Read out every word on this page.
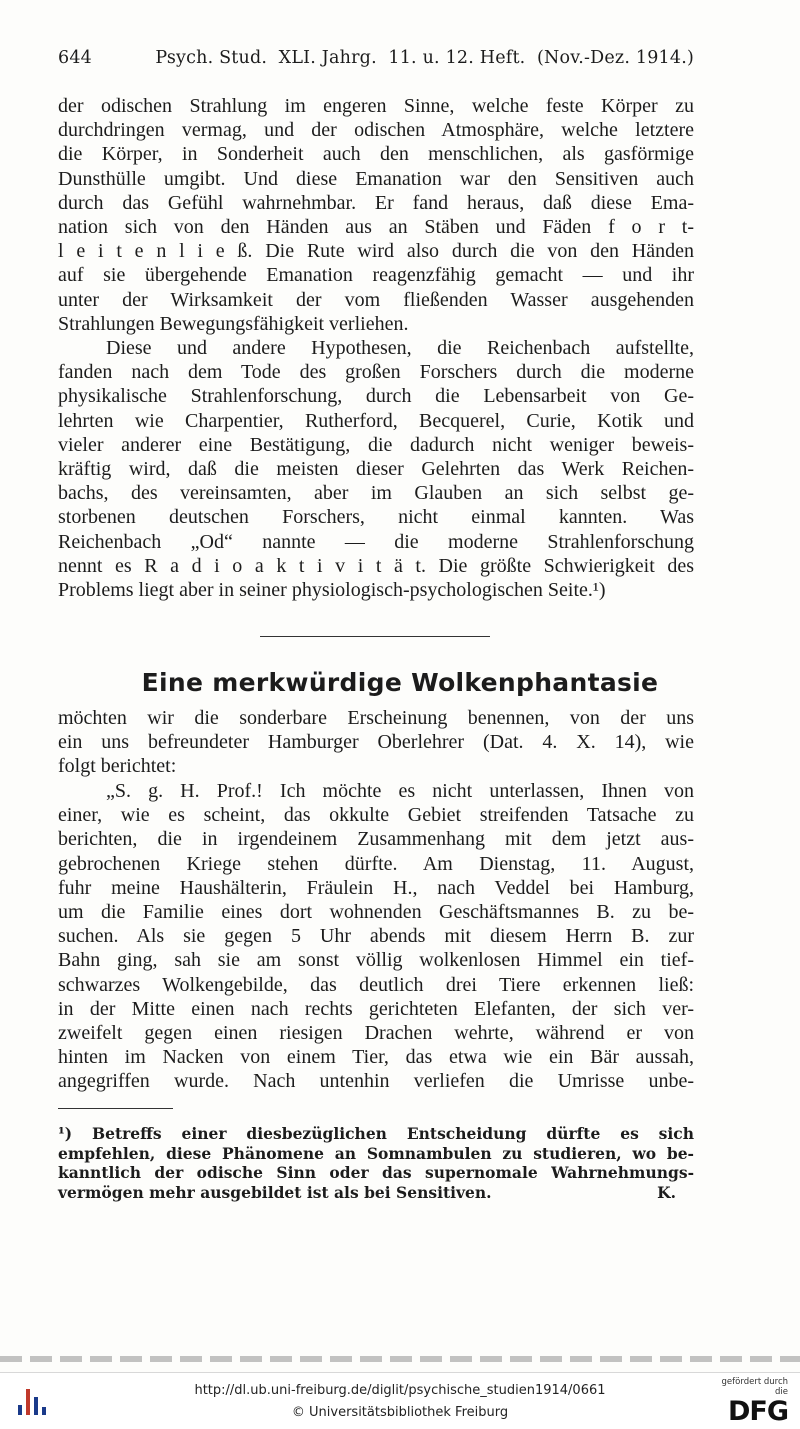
644	Psych. Stud.  XLI. Jahrg.  11. u. 12. Heft.  (Nov.-Dez. 1914.)
der odischen Strahlung im engeren Sinne, welche feste Körper zu
durchdringen vermag, und der odischen Atmosphäre, welche letztere
die Körper, in Sonderheit auch den menschlichen, als gasförmige
Dunsthülle umgibt. Und diese Emanation war den Sensitiven auch
durch das Gefühl wahrnehmbar. Er fand heraus, daß diese Ema-
nation sich von den Händen aus an Stäben und Fäden f o r t-
l e i t e n l i e ß. Die Rute wird also durch die von den Händen
auf sie übergehende Emanation reagenzfähig gemacht — und ihr
unter der Wirksamkeit der vom fließenden Wasser ausgehenden
Strahlungen Bewegungsfähigkeit verliehen.
Diese und andere Hypothesen, die Reichenbach aufstellte,
fanden nach dem Tode des großen Forschers durch die moderne
physikalische Strahlenforschung, durch die Lebensarbeit von Ge-
lehrten wie Charpentier, Rutherford, Becquerel, Curie, Kotik und
vieler anderer eine Bestätigung, die dadurch nicht weniger beweis-
kräftig wird, daß die meisten dieser Gelehrten das Werk Reichen-
bachs, des vereinsamten, aber im Glauben an sich selbst ge-
storbenen deutschen Forschers, nicht einmal kannten. Was
Reichenbach „Od“ nannte — die moderne Strahlenforschung
nennt es R a d i o a k t i v i t ä t. Die größte Schwierigkeit des
Problems liegt aber in seiner physiologisch-psychologischen Seite.¹)
Eine merkwürdige Wolkenphantasie
möchten wir die sonderbare Erscheinung benennen, von der uns
ein uns befreundeter Hamburger Oberlehrer (Dat. 4. X. 14), wie
folgt berichtet:
„S. g. H. Prof.! Ich möchte es nicht unterlassen, Ihnen von
einer, wie es scheint, das okkulte Gebiet streifenden Tatsache zu
berichten, die in irgendeinem Zusammenhang mit dem jetzt aus-
gebrochenen Kriege stehen dürfte. Am Dienstag, 11. August,
fuhr meine Haushälterin, Fräulein H., nach Veddel bei Hamburg,
um die Familie eines dort wohnenden Geschäftsmannes B. zu be-
suchen. Als sie gegen 5 Uhr abends mit diesem Herrn B. zur
Bahn ging, sah sie am sonst völlig wolkenlosen Himmel ein tief-
schwarzes Wolkengebilde, das deutlich drei Tiere erkennen ließ:
in der Mitte einen nach rechts gerichteten Elefanten, der sich ver-
zweifelt gegen einen riesigen Drachen wehrte, während er von
hinten im Nacken von einem Tier, das etwa wie ein Bär aussah,
angegriffen wurde. Nach untenhin verliefen die Umrisse unbe-
¹) Betreffs einer diesbezüglichen Entscheidung dürfte es sich
empfehlen, diese Phänomene an Somnambulen zu studieren, wo be-
kanntlich der odische Sinn oder das supernomale Wahrnehmungs-
vermögen mehr ausgebildet ist als bei Sensitiven.	K.
http://dl.ub.uni-freiburg.de/diglit/psychische_studien1914/0661
© Universitätsbibliothek Freiburg
gefördert durch die
DFG
